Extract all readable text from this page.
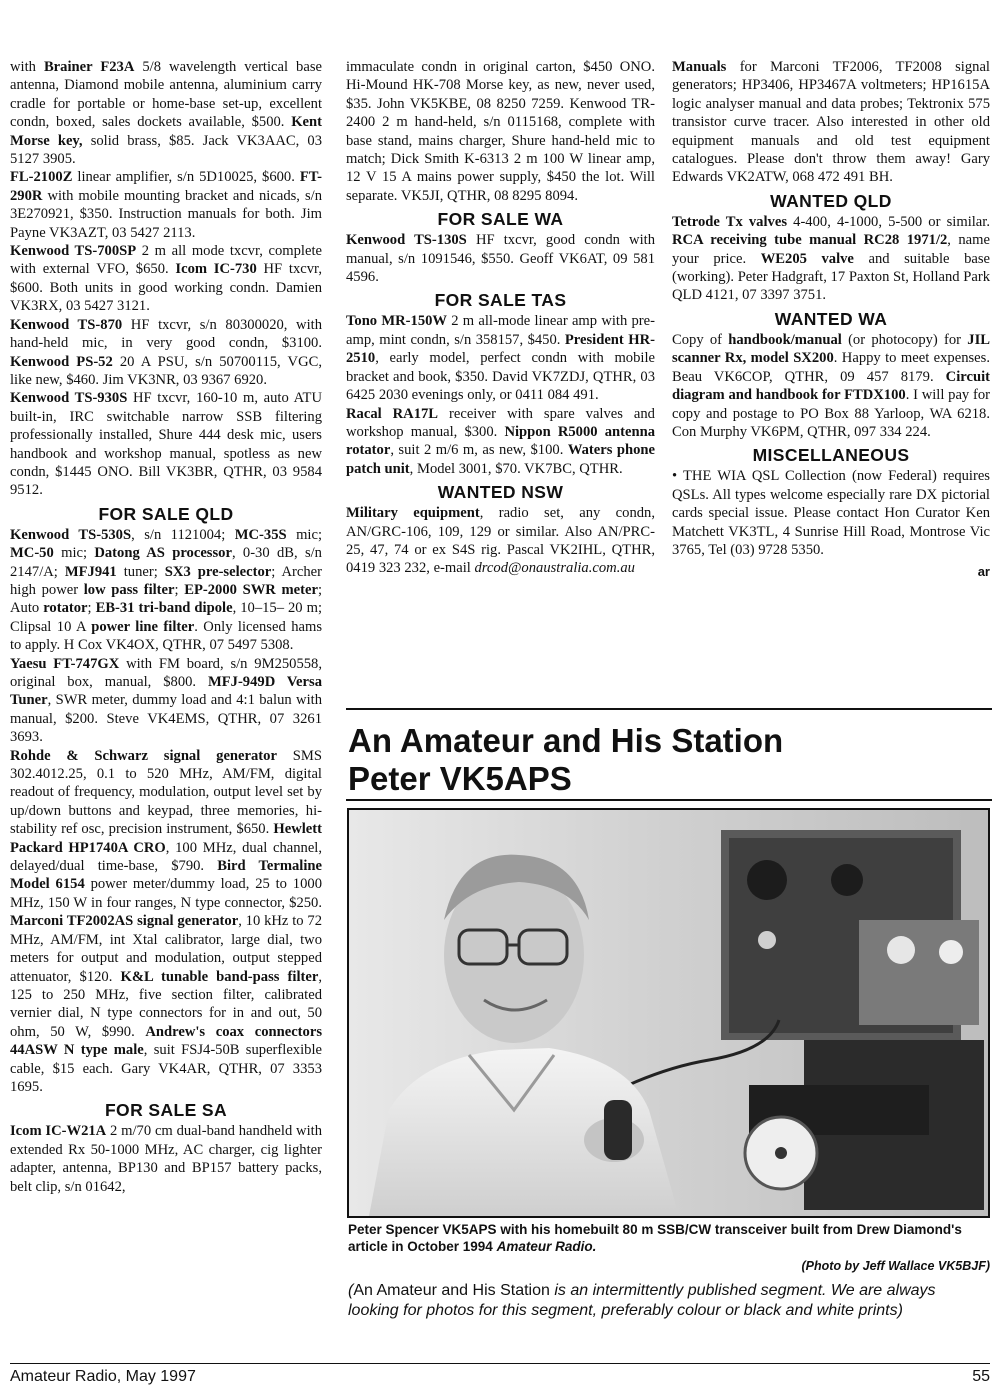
with Brainer F23A 5/8 wavelength vertical base antenna, Diamond mobile antenna, aluminium carry cradle for portable or home-base set-up, excellent condn, boxed, sales dockets available, $500. Kent Morse key, solid brass, $85. Jack VK3AAC, 03 5127 3905.

FL-2100Z linear amplifier, s/n 5D10025, $600. FT-290R with mobile mounting bracket and nicads, s/n 3E270921, $350. Instruction manuals for both. Jim Payne VK3AZT, 03 5427 2113.

Kenwood TS-700SP 2 m all mode txcvr, complete with external VFO, $650. Icom IC-730 HF txcvr, $600. Both units in good working condn. Damien VK3RX, 03 5427 3121.

Kenwood TS-870 HF txcvr, s/n 80300020, with hand-held mic, in very good condn, $3100. Kenwood PS-52 20 A PSU, s/n 50700115, VGC, like new, $460. Jim VK3NR, 03 9367 6920.

Kenwood TS-930S HF txcvr, 160-10 m, auto ATU built-in, IRC switchable narrow SSB filtering professionally installed, Shure 444 desk mic, users handbook and workshop manual, spotless as new condn, $1445 ONO. Bill VK3BR, QTHR, 03 9584 9512.

FOR SALE QLD

Kenwood TS-530S, s/n 1121004; MC-35S mic; MC-50 mic; Datong AS processor, 0-30 dB, s/n 2147/A; MFJ941 tuner; SX3 pre-selector; Archer high power low pass filter; EP-2000 SWR meter; Auto rotator; EB-31 tri-band dipole, 10–15– 20 m; Clipsal 10 A power line filter. Only licensed hams to apply. H Cox VK4OX, QTHR, 07 5497 5308.

Yaesu FT-747GX with FM board, s/n 9M250558, original box, manual, $800. MFJ-949D Versa Tuner, SWR meter, dummy load and 4:1 balun with manual, $200. Steve VK4EMS, QTHR, 07 3261 3693.

Rohde & Schwarz signal generator SMS 302.4012.25, 0.1 to 520 MHz, AM/FM, digital readout of frequency, modulation, output level set by up/down buttons and keypad, three memories, hi-stability ref osc, precision instrument, $650. Hewlett Packard HP1740A CRO, 100 MHz, dual channel, delayed/dual time-base, $790. Bird Termaline Model 6154 power meter/dummy load, 25 to 1000 MHz, 150 W in four ranges, N type connector, $250. Marconi TF2002AS signal generator, 10 kHz to 72 MHz, AM/FM, int Xtal calibrator, large dial, two meters for output and modulation, output stepped attenuator, $120. K&L tunable band-pass filter, 125 to 250 MHz, five section filter, calibrated vernier dial, N type connectors for in and out, 50 ohm, 50 W, $990. Andrew's coax connectors 44ASW N type male, suit FSJ4-50B superflexible cable, $15 each. Gary VK4AR, QTHR, 07 3353 1695.

FOR SALE SA

Icom IC-W21A 2 m/70 cm dual-band handheld with extended Rx 50-1000 MHz, AC charger, cig lighter adapter, antenna, BP130 and BP157 battery packs, belt clip, s/n 01642,

immaculate condn in original carton, $450 ONO. Hi-Mound HK-708 Morse key, as new, never used, $35. John VK5KBE, 08 8250 7259. Kenwood TR-2400 2 m hand-held, s/n 0115168, complete with base stand, mains charger, Shure hand-held mic to match; Dick Smith K-6313 2 m 100 W linear amp, 12 V 15 A mains power supply, $450 the lot. Will separate. VK5JI, QTHR, 08 8295 8094.

FOR SALE WA

Kenwood TS-130S HF txcvr, good condn with manual, s/n 1091546, $550. Geoff VK6AT, 09 581 4596.

FOR SALE TAS

Tono MR-150W 2 m all-mode linear amp with pre-amp, mint condn, s/n 358157, $450. President HR-2510, early model, perfect condn with mobile bracket and book, $350. David VK7ZDJ, QTHR, 03 6425 2030 evenings only, or 0411 084 491.

Racal RA17L receiver with spare valves and workshop manual, $300. Nippon R5000 antenna rotator, suit 2 m/6 m, as new, $100. Waters phone patch unit, Model 3001, $70. VK7BC, QTHR.

WANTED NSW

Military equipment, radio set, any condn, AN/GRC-106, 109, 129 or similar. Also AN/PRC-25, 47, 74 or ex S4S rig. Pascal VK2IHL, QTHR, 0419 323 232, e-mail drcod@onaustralia.com.au

Manuals for Marconi TF2006, TF2008 signal generators; HP3406, HP3467A voltmeters; HP1615A logic analyser manual and data probes; Tektronix 575 transistor curve tracer. Also interested in other old equipment manuals and old test equipment catalogues. Please don't throw them away! Gary Edwards VK2ATW, 068 472 491 BH.

WANTED QLD

Tetrode Tx valves 4-400, 4-1000, 5-500 or similar. RCA receiving tube manual RC28 1971/2, name your price. WE205 valve and suitable base (working). Peter Hadgraft, 17 Paxton St, Holland Park QLD 4121, 07 3397 3751.

WANTED WA

Copy of handbook/manual (or photocopy) for JIL scanner Rx, model SX200. Happy to meet expenses. Beau VK6COP, QTHR, 09 457 8179. Circuit diagram and handbook for FTDX100. I will pay for copy and postage to PO Box 88 Yarloop, WA 6218. Con Murphy VK6PM, QTHR, 097 334 224.

MISCELLANEOUS

• THE WIA QSL Collection (now Federal) requires QSLs. All types welcome especially rare DX pictorial cards special issue. Please contact Hon Curator Ken Matchett VK3TL, 4 Sunrise Hill Road, Montrose Vic 3765, Tel (03) 9728 5350.

ar
An Amateur and His Station
Peter VK5APS

Peter Spencer VK5APS with his homebuilt 80 m SSB/CW transceiver built from Drew Diamond's article in October 1994 Amateur Radio.

(Photo by Jeff Wallace VK5BJF)

(An Amateur and His Station is an intermittently published segment. We are always looking for photos for this segment, preferably colour or black and white prints)

Amateur Radio, May 1997	55
